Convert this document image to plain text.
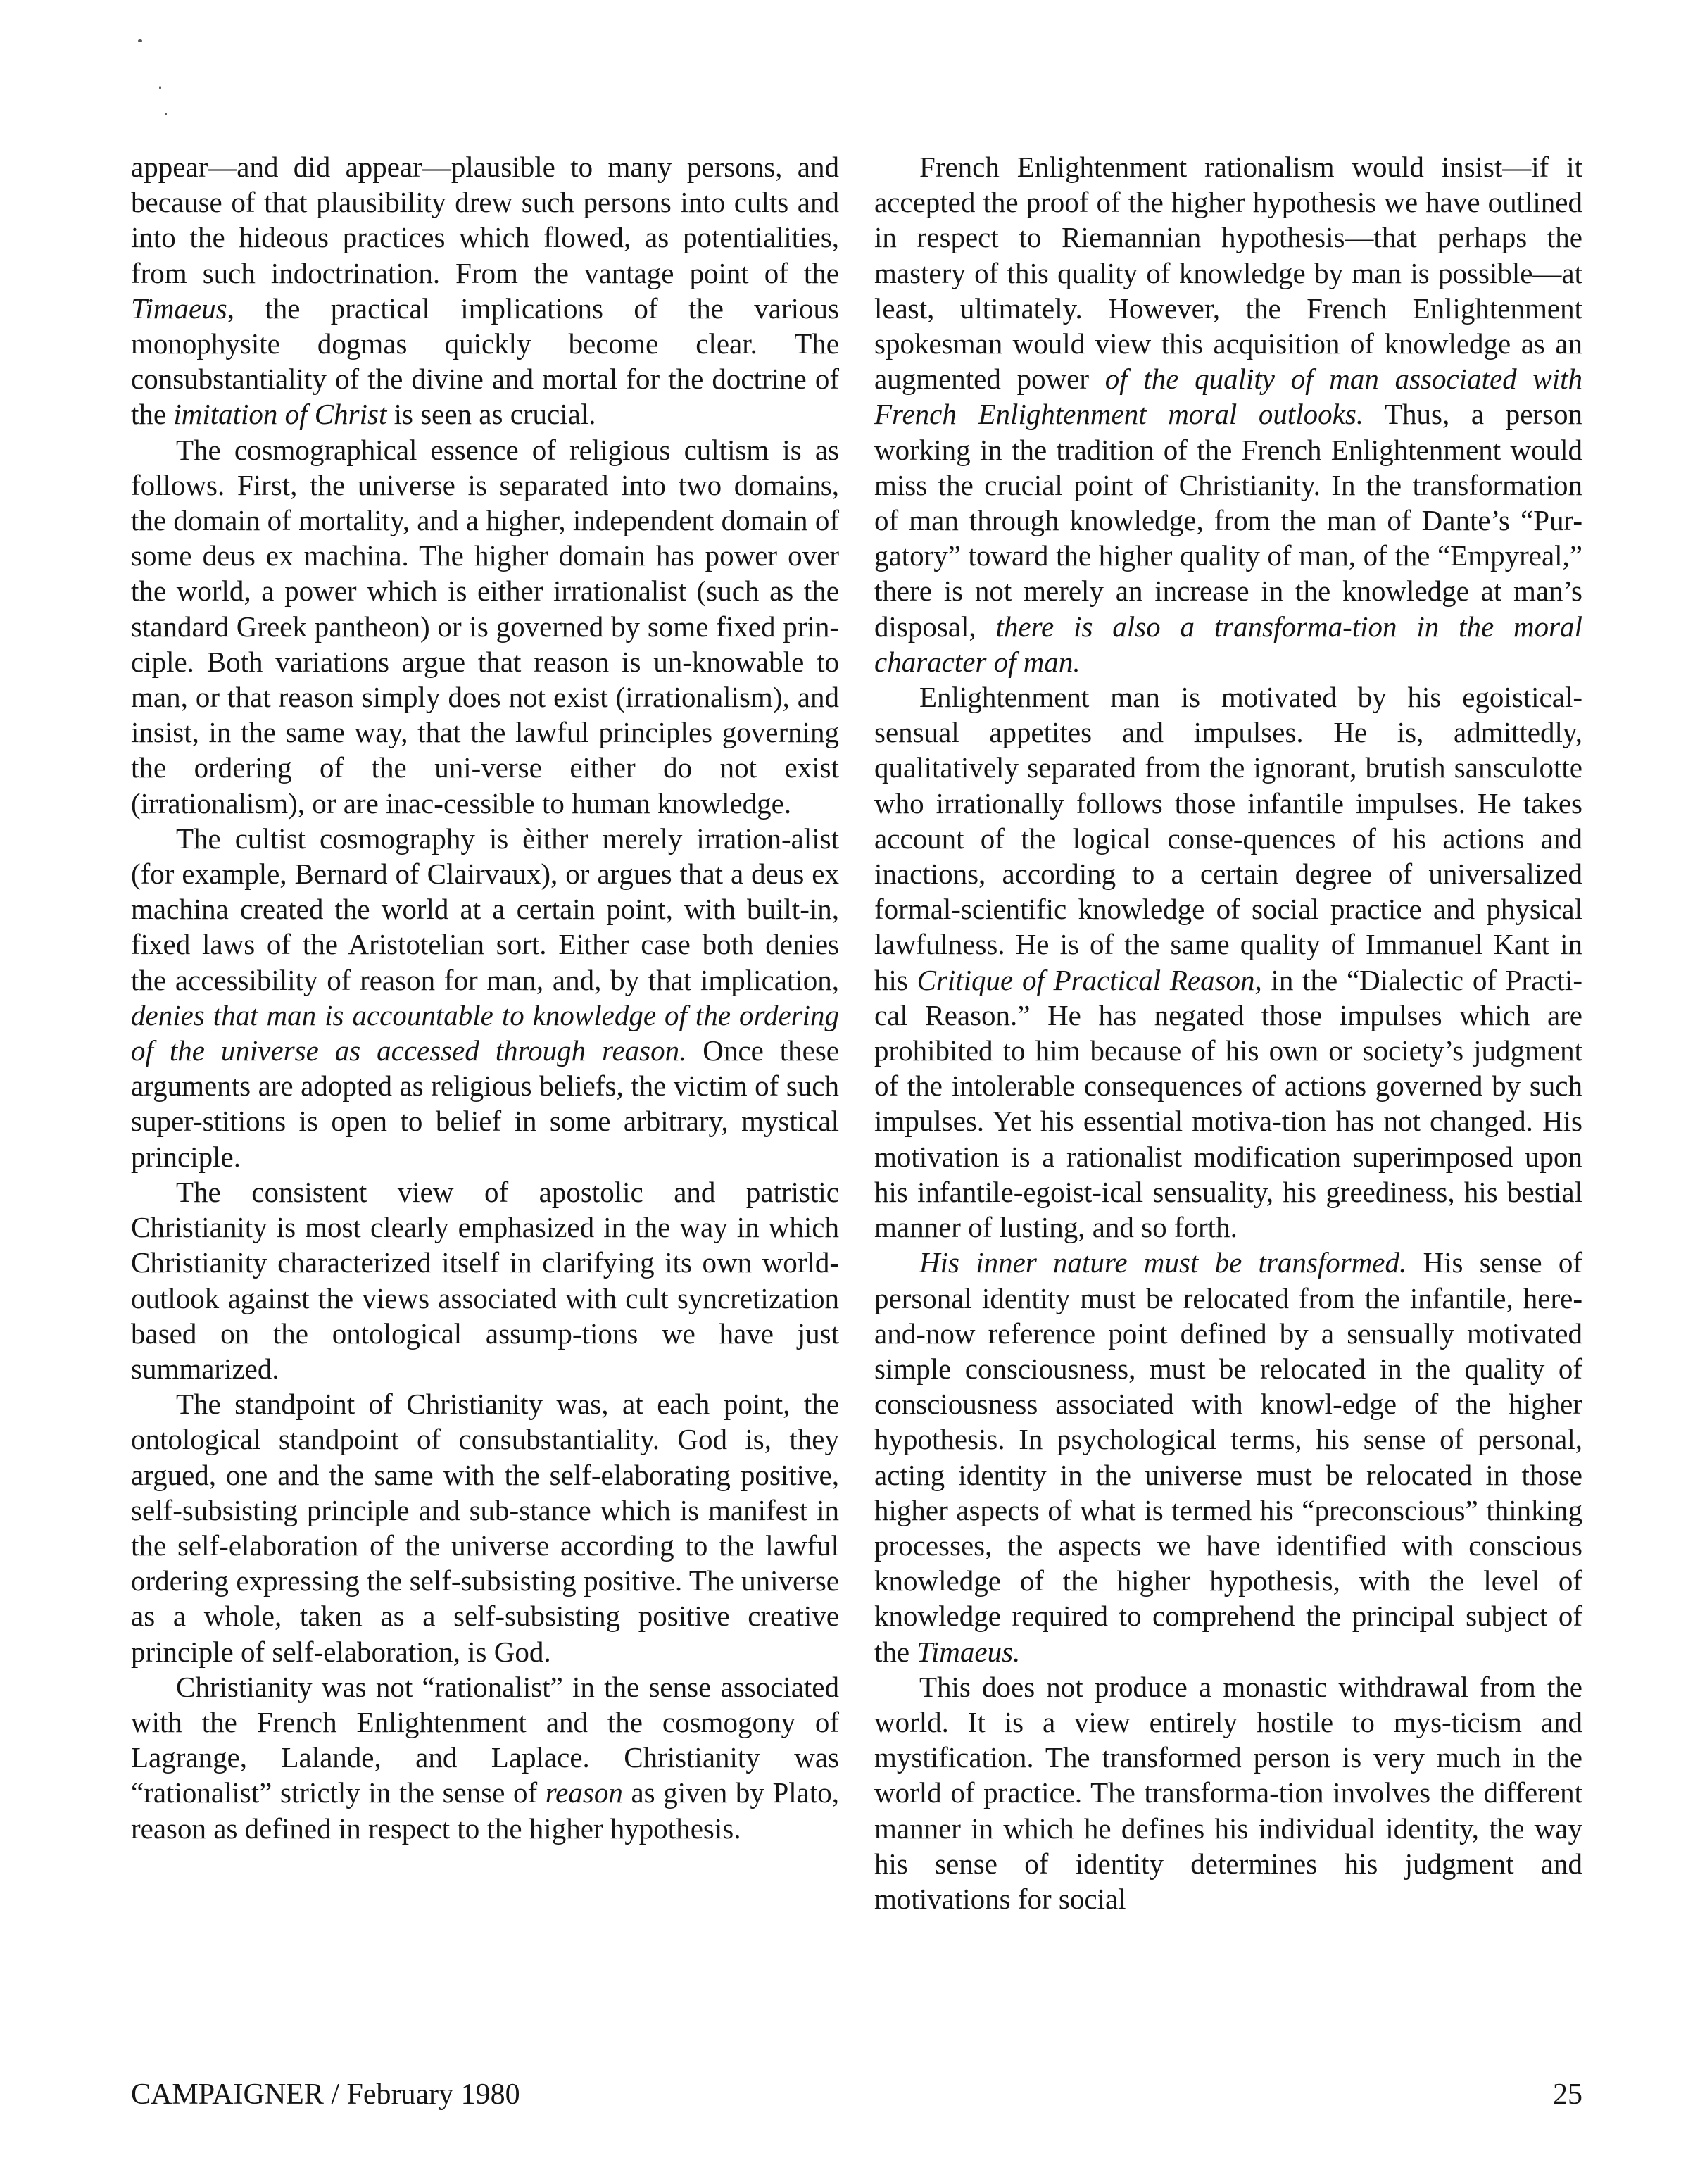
appear—and did appear—plausible to many persons, and because of that plausibility drew such persons into cults and into the hideous practices which flowed, as potentialities, from such indoctrination. From the vantage point of the Timaeus, the practical implications of the various monophysite dogmas quickly become clear. The consubstantiality of the divine and mortal for the doctrine of the imitation of Christ is seen as crucial.

The cosmographical essence of religious cultism is as follows. First, the universe is separated into two domains, the domain of mortality, and a higher, independent domain of some deus ex machina. The higher domain has power over the world, a power which is either irrationalist (such as the standard Greek pantheon) or is governed by some fixed prin-ciple. Both variations argue that reason is un-knowable to man, or that reason simply does not exist (irrationalism), and insist, in the same way, that the lawful principles governing the ordering of the uni-verse either do not exist (irrationalism), or are inac-cessible to human knowledge.

The cultist cosmography is èither merely irration-alist (for example, Bernard of Clairvaux), or argues that a deus ex machina created the world at a certain point, with built-in, fixed laws of the Aristotelian sort. Either case both denies the accessibility of reason for man, and, by that implication, denies that man is accountable to knowledge of the ordering of the universe as accessed through reason. Once these arguments are adopted as religious beliefs, the victim of such super-stitions is open to belief in some arbitrary, mystical principle.

The consistent view of apostolic and patristic Christianity is most clearly emphasized in the way in which Christianity characterized itself in clarifying its own world-outlook against the views associated with cult syncretization based on the ontological assump-tions we have just summarized.

The standpoint of Christianity was, at each point, the ontological standpoint of consubstantiality. God is, they argued, one and the same with the self-elaborating positive, self-subsisting principle and sub-stance which is manifest in the self-elaboration of the universe according to the lawful ordering expressing the self-subsisting positive. The universe as a whole, taken as a self-subsisting positive creative principle of self-elaboration, is God.

Christianity was not “rationalist” in the sense associated with the French Enlightenment and the cosmogony of Lagrange, Lalande, and Laplace. Christianity was “rationalist” strictly in the sense of reason as given by Plato, reason as defined in respect to the higher hypothesis.

French Enlightenment rationalism would insist—if it accepted the proof of the higher hypothesis we have outlined in respect to Riemannian hypothesis—that perhaps the mastery of this quality of knowledge by man is possible—at least, ultimately. However, the French Enlightenment spokesman would view this acquisition of knowledge as an augmented power of the quality of man associated with French Enlightenment moral outlooks. Thus, a person working in the tradition of the French Enlightenment would miss the crucial point of Christianity. In the transformation of man through knowledge, from the man of Dante’s “Pur-gatory” toward the higher quality of man, of the “Empyreal,” there is not merely an increase in the knowledge at man’s disposal, there is also a transforma-tion in the moral character of man.

Enlightenment man is motivated by his egoistical-sensual appetites and impulses. He is, admittedly, qualitatively separated from the ignorant, brutish sansculotte who irrationally follows those infantile impulses. He takes account of the logical conse-quences of his actions and inactions, according to a certain degree of universalized formal-scientific knowledge of social practice and physical lawfulness. He is of the same quality of Immanuel Kant in his Critique of Practical Reason, in the “Dialectic of Practi-cal Reason.” He has negated those impulses which are prohibited to him because of his own or society’s judgment of the intolerable consequences of actions governed by such impulses. Yet his essential motiva-tion has not changed. His motivation is a rationalist modification superimposed upon his infantile-egoist-ical sensuality, his greediness, his bestial manner of lusting, and so forth.

His inner nature must be transformed. His sense of personal identity must be relocated from the infantile, here-and-now reference point defined by a sensually motivated simple consciousness, must be relocated in the quality of consciousness associated with knowl-edge of the higher hypothesis. In psychological terms, his sense of personal, acting identity in the universe must be relocated in those higher aspects of what is termed his “preconscious” thinking processes, the aspects we have identified with conscious knowledge of the higher hypothesis, with the level of knowledge required to comprehend the principal subject of the Timaeus.

This does not produce a monastic withdrawal from the world. It is a view entirely hostile to mys-ticism and mystification. The transformed person is very much in the world of practice. The transforma-tion involves the different manner in which he defines his individual identity, the way his sense of identity determines his judgment and motivations for social

CAMPAIGNER / February 1980	25
